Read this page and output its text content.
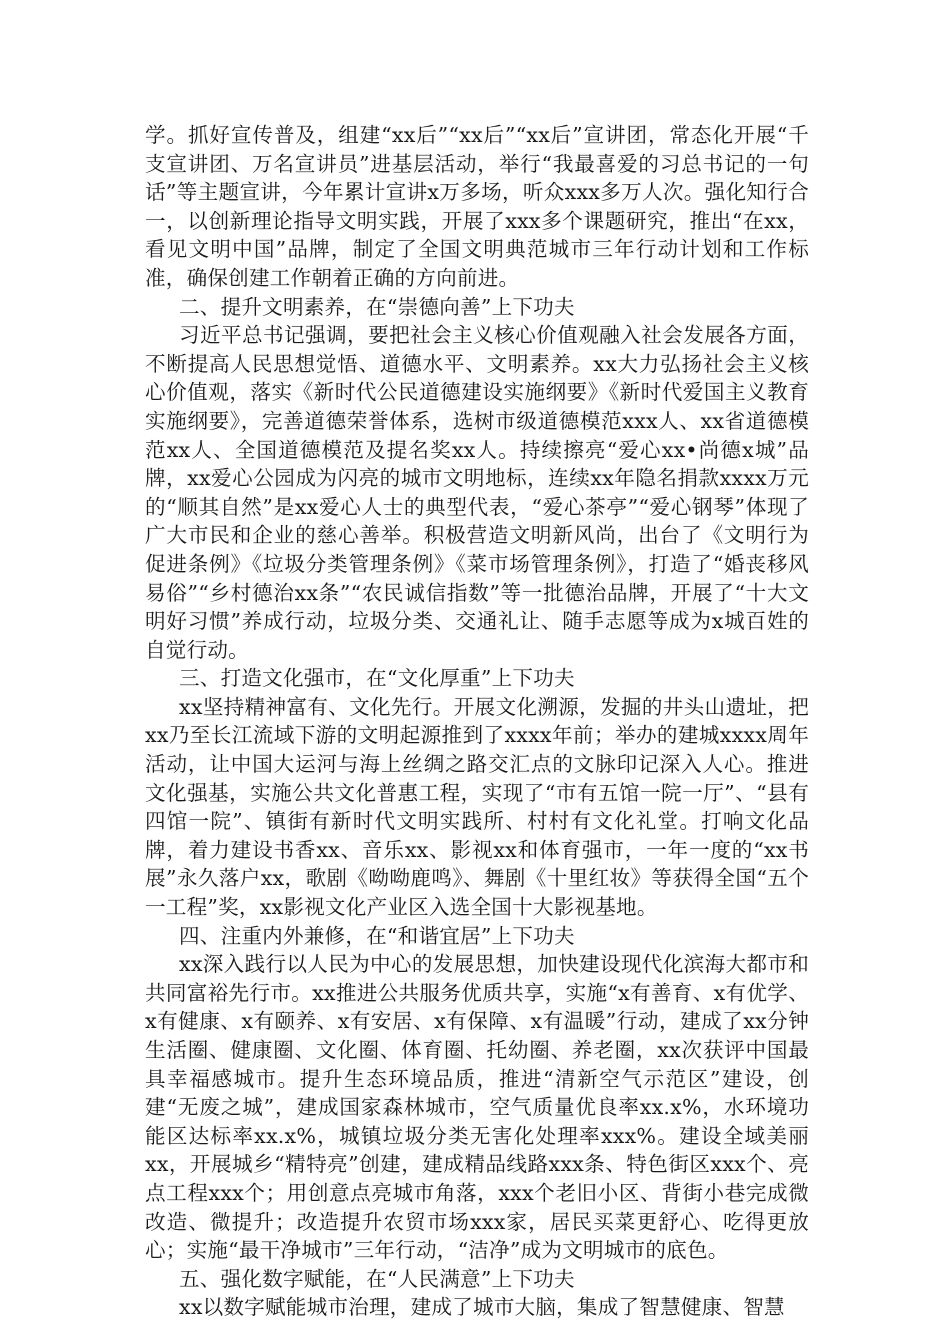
学。抓好宣传普及，组建“xx后”“xx后”“xx后”宣讲团，常态化开展“千支宣讲团、万名宣讲员”进基层活动，举行“我最喜爱的习总书记的一句话”等主题宣讲，今年累计宣讲x万多场，听众xxx多万人次。强化知行合一，以创新理论指导文明实践，开展了xxx多个课题研究，推出“在xx，看见文明中国”品牌，制定了全国文明典范城市三年行动计划和工作标准，确保创建工作朝着正确的方向前进。

二、提升文明素养，在“崇德向善”上下功夫

习近平总书记强调，要把社会主义核心价值观融入社会发展各方面，不断提高人民思想觉悟、道德水平、文明素养。xx大力弘扬社会主义核心价值观，落实《新时代公民道德建设实施纲要》《新时代爱国主义教育实施纲要》，完善道德荣誉体系，选树市级道德模范xxx人、xx省道德模范xx人、全国道德模范及提名奖xx人。持续擦亮“爱心xx•尚德x城”品牌，xx爱心公园成为闪亮的城市文明地标，连续xx年隐名捐款xxxx万元的“顺其自然”是xx爱心人士的典型代表，“爱心茶亭”“爱心钢琴”体现了广大市民和企业的慈心善举。积极营造文明新风尚，出台了《文明行为促进条例》《垃圾分类管理条例》《菜市场管理条例》，打造了“婚丧移风易俗”“乡村德治xx条”“农民诚信指数”等一批德治品牌，开展了“十大文明好习惯”养成行动，垃圾分类、交通礼让、随手志愿等成为x城百姓的自觉行动。

三、打造文化强市，在“文化厚重”上下功夫

xx坚持精神富有、文化先行。开展文化溯源，发掘的井头山遗址，把xx乃至长江流域下游的文明起源推到了xxxx年前；举办的建城xxxx周年活动，让中国大运河与海上丝绸之路交汇点的文脉印记深入人心。推进文化强基，实施公共文化普惠工程，实现了“市有五馆一院一厅”、“县有四馆一院”、镇街有新时代文明实践所、村村有文化礼堂。打响文化品牌，着力建设书香xx、音乐xx、影视xx和体育强市，一年一度的“xx书展”永久落户xx，歌剧《呦呦鹿鸣》、舞剧《十里红妆》等获得全国“五个一工程”奖，xx影视文化产业区入选全国十大影视基地。

四、注重内外兼修，在“和谐宜居”上下功夫

xx深入践行以人民为中心的发展思想，加快建设现代化滨海大都市和共同富裕先行市。xx推进公共服务优质共享，实施“x有善育、x有优学、x有健康、x有颐养、x有安居、x有保障、x有温暖”行动，建成了xx分钟生活圈、健康圈、文化圈、体育圈、托幼圈、养老圈，xx次获评中国最具幸福感城市。提升生态环境品质，推进“清新空气示范区”建设，创建“无废之城”，建成国家森林城市，空气质量优良率xx.x%，水环境功能区达标率xx.x%，城镇垃圾分类无害化处理率xxx%。建设全域美丽xx，开展城乡“精特亮”创建，建成精品线路xxx条、特色街区xxx个、亮点工程xxx个；用创意点亮城市角落，xxx个老旧小区、背街小巷完成微改造、微提升；改造提升农贸市场xxx家，居民买菜更舒心、吃得更放心；实施“最干净城市”三年行动，“洁净”成为文明城市的底色。

五、强化数字赋能，在“人民满意”上下功夫

xx以数字赋能城市治理，建成了城市大脑，集成了智慧健康、智慧
